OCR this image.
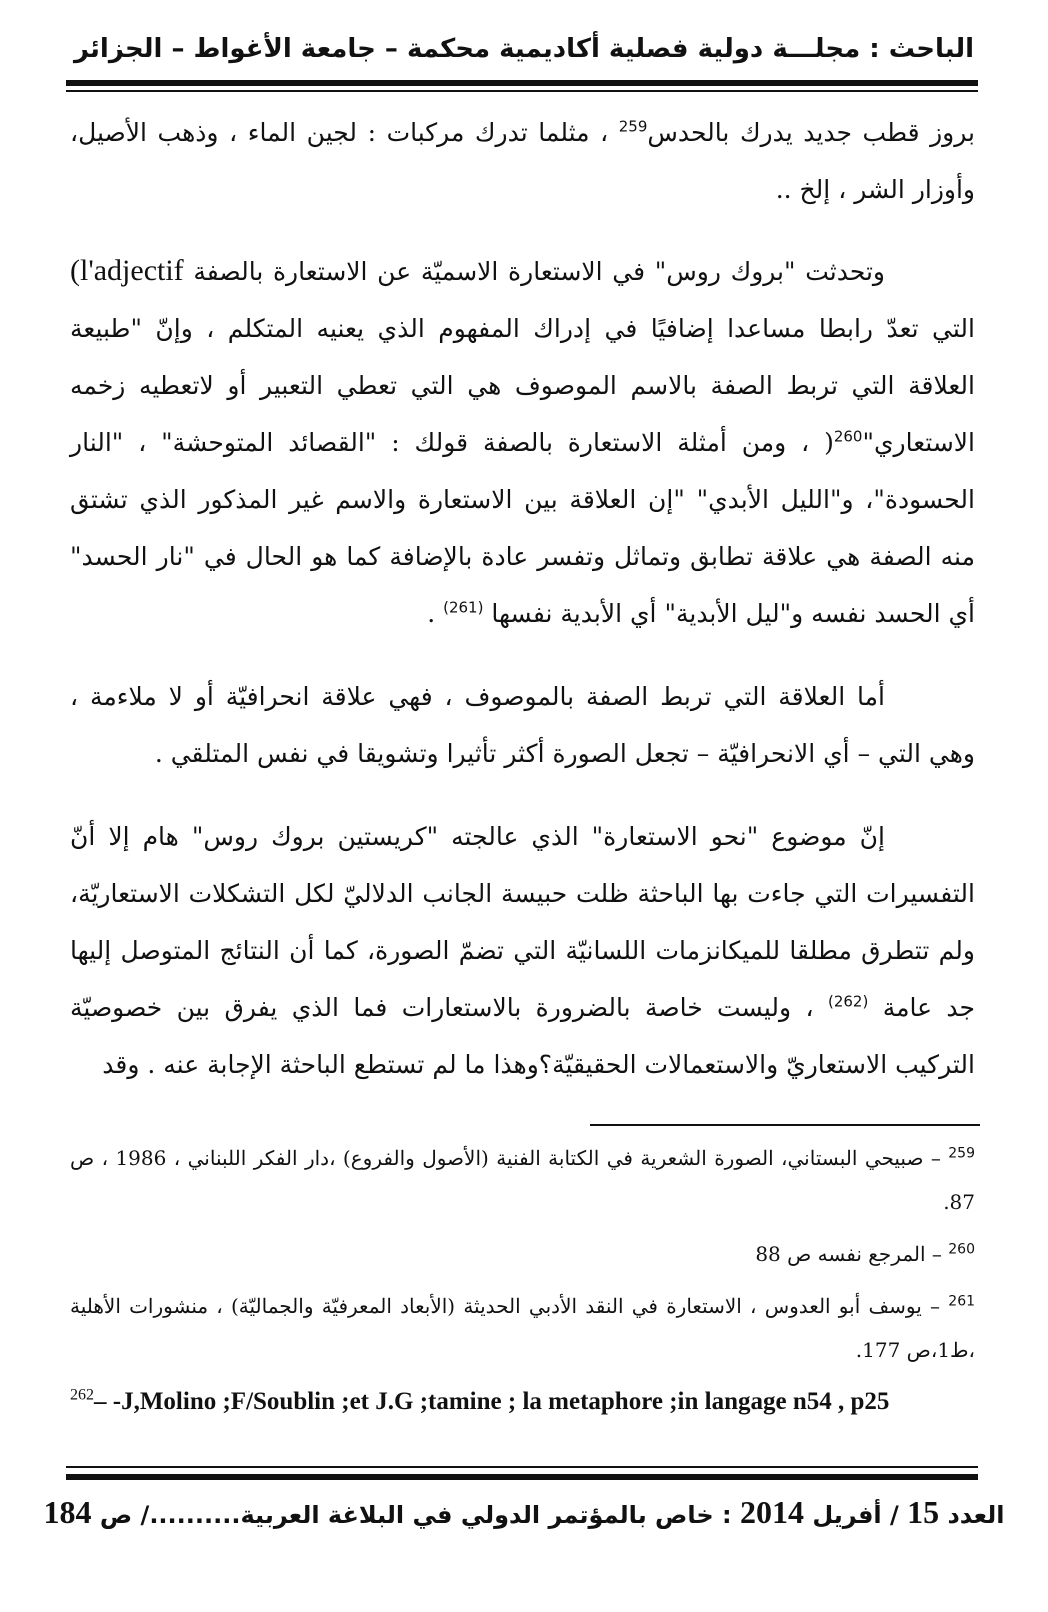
الباحث : مجلـــة دولية فصلية أكاديمية محكمة – جامعة الأغواط – الجزائر

بروز قطب جديد يدرك بالحدس$^{259}$ ، مثلما تدرك مركبات : لجين الماء ، وذهب الأصيل، وأوزار الشر ، إلخ ..

وتحدثت "بروك روس" في الاستعارة الاسميّة عن الاستعارة بالصفة (l'adjectif التي تعدّ رابطا مساعدا إضافيًا في إدراك المفهوم الذي يعنيه المتكلم ، وإنّ "طبيعة العلاقة التي تربط الصفة بالاسم الموصوف هي التي تعطي التعبير أو لاتعطيه زخمه الاستعاري"$^{260}$( ، ومن أمثلة الاستعارة بالصفة قولك : "القصائد المتوحشة" ، "النار الحسودة"، و"الليل الأبدي" "إن العلاقة بين الاستعارة والاسم غير المذكور الذي تشتق منه الصفة هي علاقة تطابق وتماثل وتفسر عادة بالإضافة كما هو الحال في "نار الحسد" أي الحسد نفسه و"ليل الأبدية" أي الأبدية نفسها $^{(261)}$ .

أما العلاقة التي تربط الصفة بالموصوف ، فهي علاقة انحرافيّة أو لا ملاءمة ، وهي التي – أي الانحرافيّة – تجعل الصورة أكثر تأثيرا وتشويقا في نفس المتلقي .

إنّ موضوع "نحو الاستعارة" الذي عالجته "كريستين بروك روس" هام إلا أنّ التفسيرات التي جاءت بها الباحثة ظلت حبيسة الجانب الدلاليّ لكل التشكلات الاستعاريّة، ولم تتطرق مطلقا للميكانزمات اللسانيّة التي تضمّ الصورة، كما أن النتائج المتوصل إليها جد عامة $^{(262)}$ ، وليست خاصة بالضرورة بالاستعارات فما الذي يفرق بين خصوصيّة التركيب الاستعاريّ والاستعمالات الحقيقيّة؟وهذا ما لم تستطع الباحثة الإجابة عنه . وقد

$^{259}$ – صبيحي البستاني، الصورة الشعرية في الكتابة الفنية (الأصول والفروع) ،دار الفكر اللبناني ، 1986 ، ص 87.
$^{260}$ – المرجع نفسه ص 88
$^{261}$ – يوسف أبو العدوس ، الاستعارة في النقد الأدبي الحديثة (الأبعاد المعرفيّة والجماليّة) ، منشورات الأهلية ،ط1،ص 177.
$^{262}$– -J,Molino ;F/Soublin ;et J.G ;tamine ; la metaphore ;in langage n54 , p25
العدد 15 / أفريل 2014 : خاص بالمؤتمر الدولي في البلاغة العربية........../ ص 184
